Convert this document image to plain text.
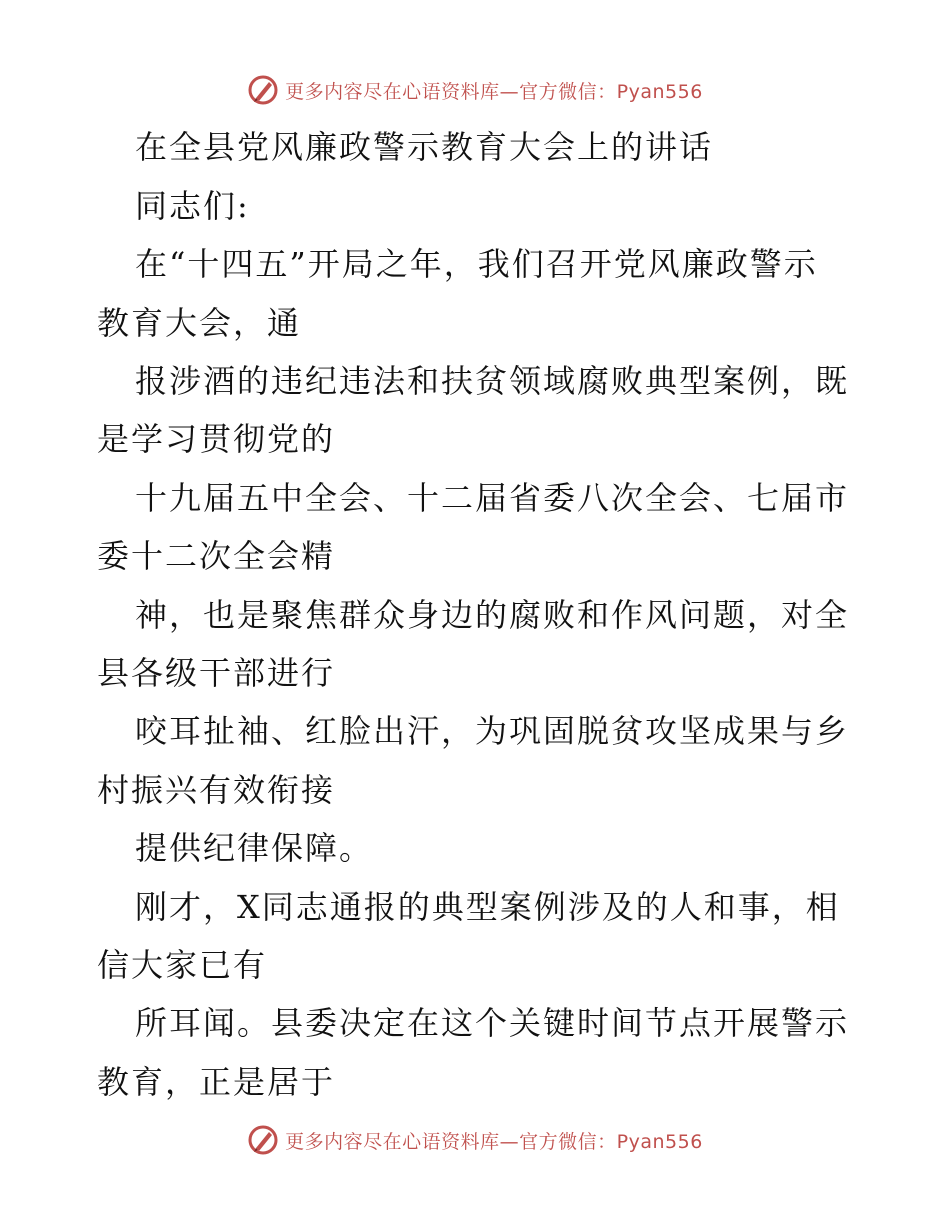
更多内容尽在心语资料库—官方微信：Pyan556
在全县党风廉政警示教育大会上的讲话
同志们:
在“十四五”开局之年，我们召开党风廉政警示
教育大会，通
报涉酒的违纪违法和扶贫领域腐败典型案例，既
是学习贯彻党的
十九届五中全会、十二届省委八次全会、七届市
委十二次全会精
神，也是聚焦群众身边的腐败和作风问题，对全
县各级干部进行
咬耳扯袖、红脸出汗，为巩固脱贫攻坚成果与乡
村振兴有效衔接
提供纪律保障。
刚才，X同志通报的典型案例涉及的人和事，相
信大家已有
所耳闻。县委决定在这个关键时间节点开展警示
教育，正是居于
更多内容尽在心语资料库—官方微信：Pyan556
